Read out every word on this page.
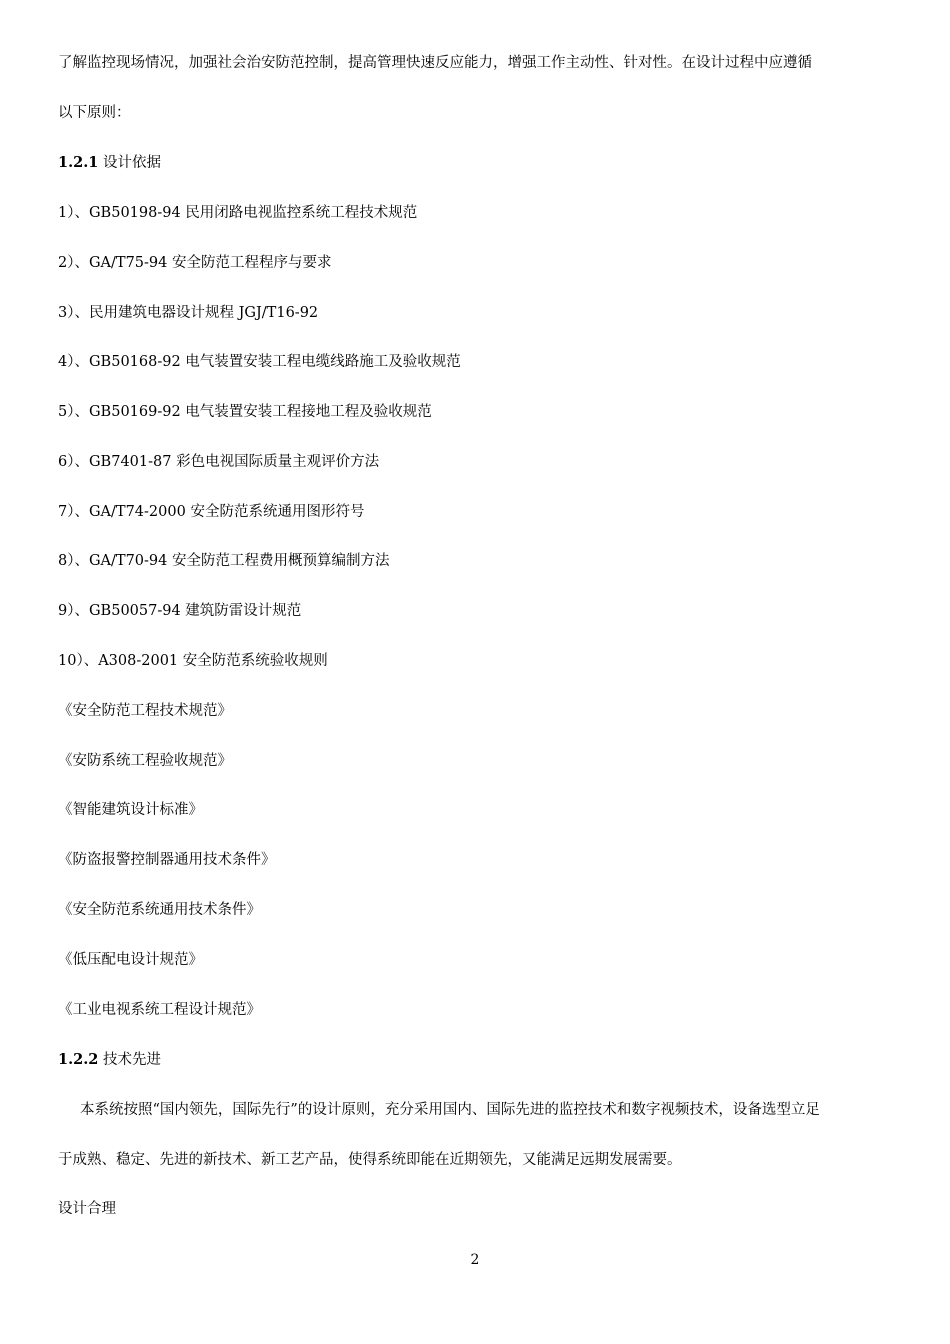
了解监控现场情况，加强社会治安防范控制，提高管理快速反应能力，增强工作主动性、针对性。在设计过程中应遵循
以下原则：
1.2.1 设计依据
1）、GB50198-94 民用闭路电视监控系统工程技术规范
2）、GA/T75-94 安全防范工程程序与要求
3）、民用建筑电器设计规程 JGJ/T16-92
4）、GB50168-92 电气装置安装工程电缆线路施工及验收规范
5）、GB50169-92 电气装置安装工程接地工程及验收规范
6）、GB7401-87 彩色电视国际质量主观评价方法
7）、GA/T74-2000 安全防范系统通用图形符号
8）、GA/T70-94 安全防范工程费用概预算编制方法
9）、GB50057-94 建筑防雷设计规范
10）、A308-2001 安全防范系统验收规则
《安全防范工程技术规范》
《安防系统工程验收规范》
《智能建筑设计标准》
《防盗报警控制器通用技术条件》
《安全防范系统通用技术条件》
《低压配电设计规范》
《工业电视系统工程设计规范》
1.2.2 技术先进
本系统按照“国内领先，国际先行”的设计原则，充分采用国内、国际先进的监控技术和数字视频技术，设备选型立足
于成熟、稳定、先进的新技术、新工艺产品，使得系统即能在近期领先，又能满足远期发展需要。
设计合理
2
